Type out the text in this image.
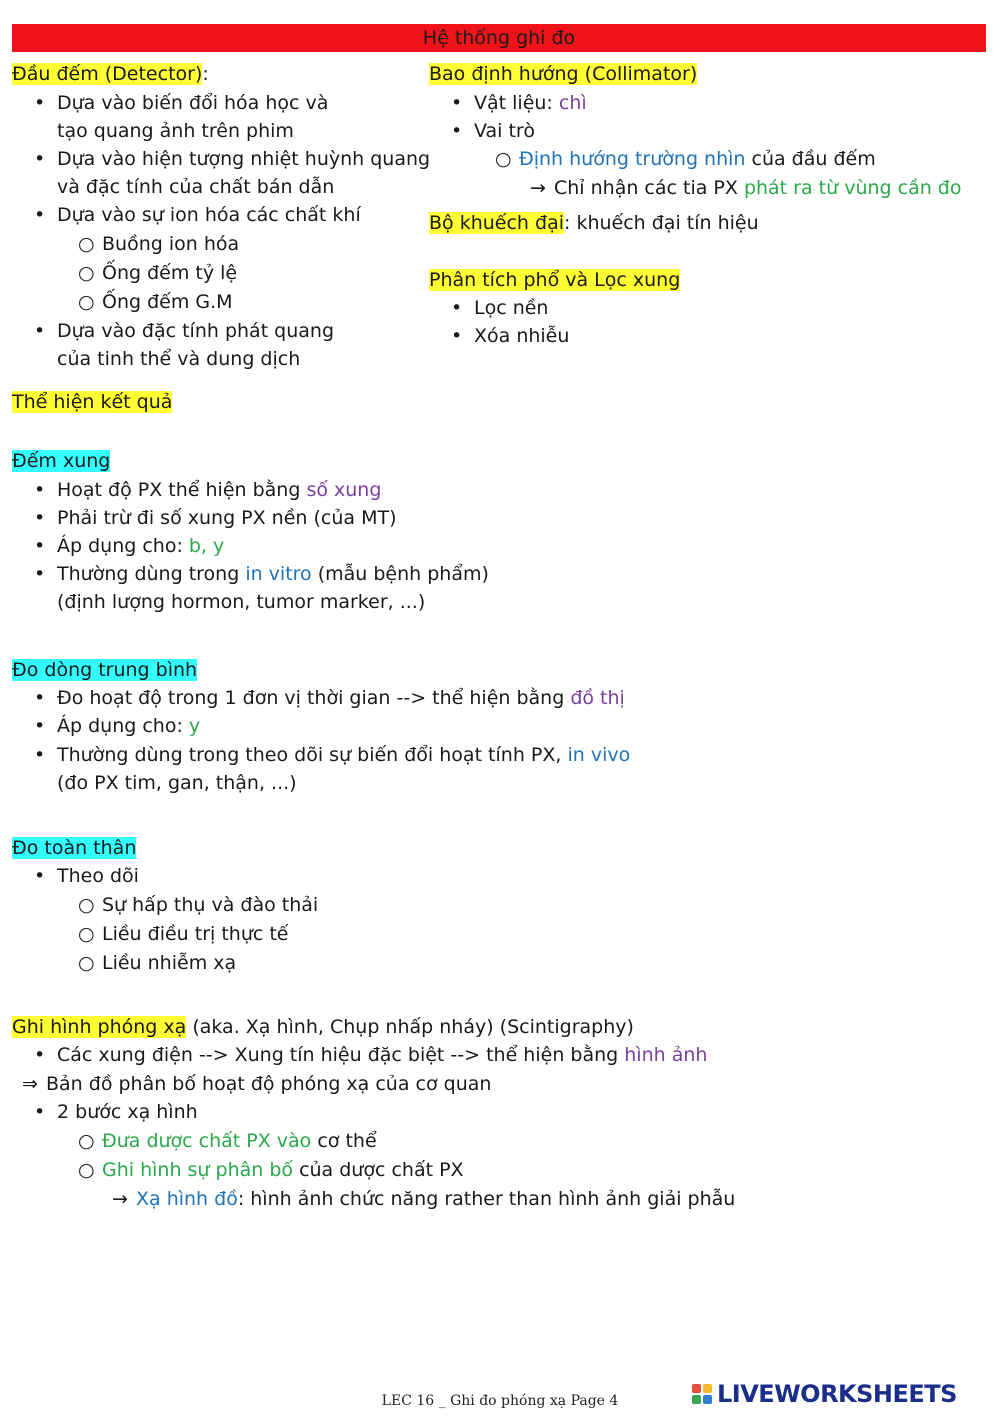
Hệ thống ghi đo
Đầu đếm (Detector):
• Dựa vào biến đổi hóa học và
tạo quang ảnh trên phim
• Dựa vào hiện tượng nhiệt huỳnh quang
và đặc tính của chất bán dẫn
• Dựa vào sự ion hóa các chất khí
○ Buồng ion hóa
○ Ống đếm tỷ lệ
○ Ống đếm G.M
• Dựa vào đặc tính phát quang
của tinh thể và dung dịch
Bao định hướng (Collimator)
• Vật liệu: chì
• Vai trò
○ Định hướng trường nhìn của đầu đếm
→ Chỉ nhận các tia PX phát ra từ vùng cần đo
Bộ khuếch đại: khuếch đại tín hiệu
Phân tích phổ và Lọc xung
• Lọc nền
• Xóa nhiễu
Thể hiện kết quả
Đếm xung
• Hoạt độ PX thể hiện bằng số xung
• Phải trừ đi số xung PX nền (của MT)
• Áp dụng cho: b, y
• Thường dùng trong in vitro (mẫu bệnh phẩm)
(định lượng hormon, tumor marker, ...)
Đo dòng trung bình
• Đo hoạt độ trong 1 đơn vị thời gian --> thể hiện bằng đồ thị
• Áp dụng cho: y
• Thường dùng trong theo dõi sự biến đổi hoạt tính PX, in vivo
(đo PX tim, gan, thận, ...)
Đo toàn thân
• Theo dõi
○ Sự hấp thụ và đào thải
○ Liều điều trị thực tế
○ Liều nhiễm xạ
Ghi hình phóng xạ (aka. Xạ hình, Chụp nhấp nháy) (Scintigraphy)
• Các xung điện --> Xung tín hiệu đặc biệt --> thể hiện bằng hình ảnh
⇒ Bản đồ phân bố hoạt độ phóng xạ của cơ quan
• 2 bước xạ hình
○ Đưa dược chất PX vào cơ thể
○ Ghi hình sự phân bố của dược chất PX
→ Xạ hình đồ: hình ảnh chức năng rather than hình ảnh giải phẫu
LEC 16 _ Ghi đo phóng xạ Page 4	LIVEWORKSHEETS
